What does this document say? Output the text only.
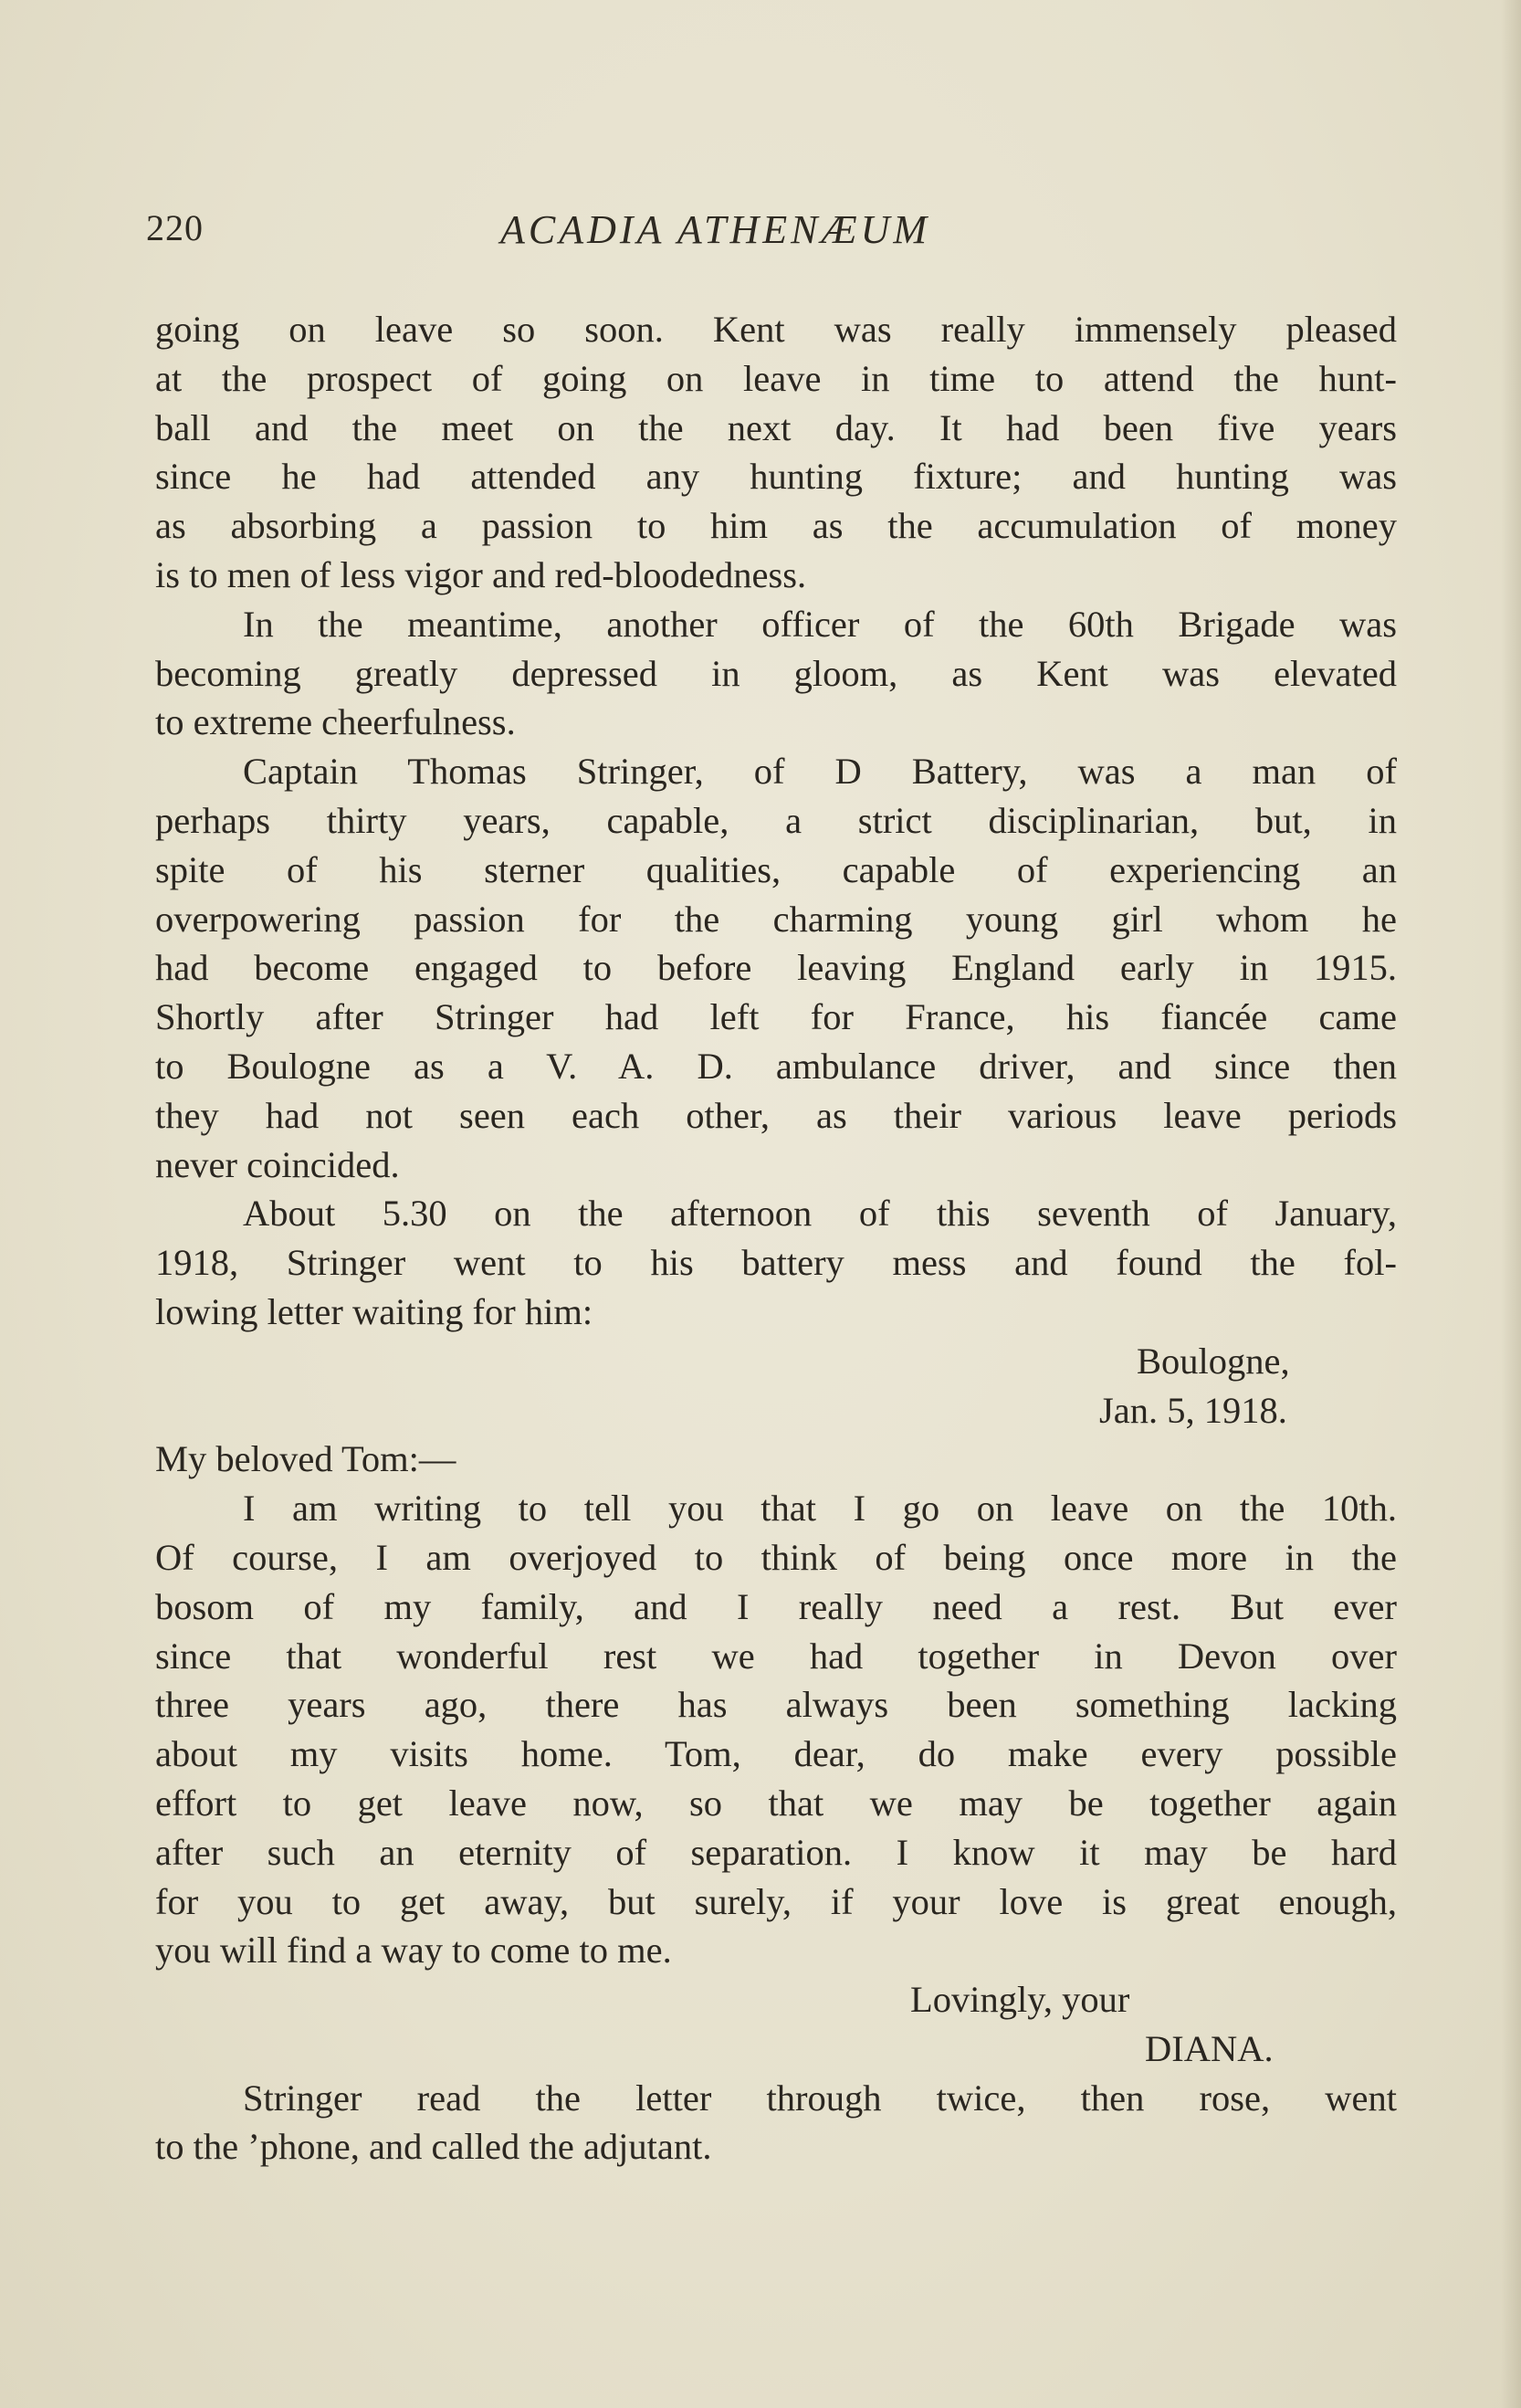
220	ACADIA ATHENÆUM

going on leave so soon. Kent was really immensely pleased
at the prospect of going on leave in time to attend the hunt-
ball and the meet on the next day. It had been five years
since he had attended any hunting fixture; and hunting was
as absorbing a passion to him as the accumulation of money
is to men of less vigor and red-bloodedness.

In the meantime, another officer of the 60th Brigade was
becoming greatly depressed in gloom, as Kent was elevated
to extreme cheerfulness.

Captain Thomas Stringer, of D Battery, was a man of
perhaps thirty years, capable, a strict disciplinarian, but, in
spite of his sterner qualities, capable of experiencing an
overpowering passion for the charming young girl whom he
had become engaged to before leaving England early in 1915.
Shortly after Stringer had left for France, his fiancée came
to Boulogne as a V. A. D. ambulance driver, and since then
they had not seen each other, as their various leave periods
never coincided.

About 5.30 on the afternoon of this seventh of January,
1918, Stringer went to his battery mess and found the fol-
lowing letter waiting for him:

Boulogne,
Jan. 5, 1918.
My beloved Tom:—

I am writing to tell you that I go on leave on the 10th.
Of course, I am overjoyed to think of being once more in the
bosom of my family, and I really need a rest. But ever
since that wonderful rest we had together in Devon over
three years ago, there has always been something lacking
about my visits home. Tom, dear, do make every possible
effort to get leave now, so that we may be together again
after such an eternity of separation. I know it may be hard
for you to get away, but surely, if your love is great enough,
you will find a way to come to me.

Lovingly, your
DIANA.

Stringer read the letter through twice, then rose, went
to the ’phone, and called the adjutant.
